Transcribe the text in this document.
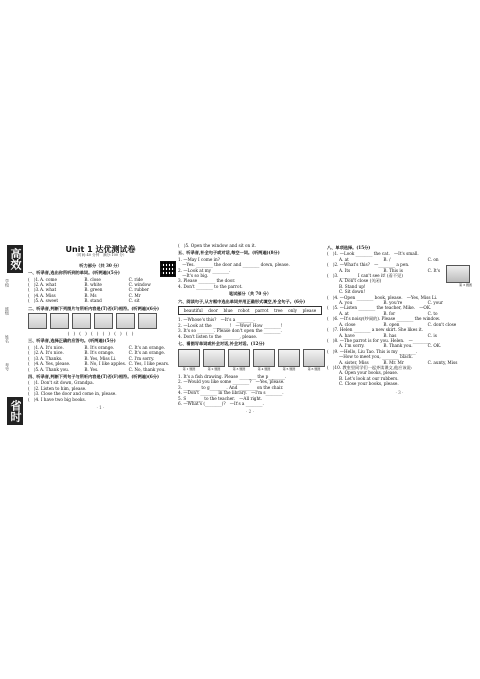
高效
学校
班级
姓名
考号
省时
Unit 1 达优测试卷
（时间:40 分钟　满分:100 分）
听力部分（共 30 分）
一、听录音,选出你所听到的单词。(听两遍)(5分)
(　)1. A. come	B. close	C. ride
(　)2. A. what	B. white	C. window
(　)3. A. what	B. green	C. rubber
(　)4. A. Miss	B. Ms	C. Mr
(　)5. A. sweet	B. stand	C. sit
二、听录音,判断下列图片与所听内容是(T)否(F)相符。(听两遍)(6分)
(　)　(　)　(　)　(　)　(　)　(　)
三、听录音,选择正确的应答句。(听两遍)(5分)
(　)1. A. It's nice.	B. It's orange.	C. It's an orange.
(　)2. A. It's nice.	B. It's orange.	C. It's an orange.
(　)3. A. Thanks.	B. Yes, Miss Li.	C. I'm sorry.
(　)4. A. Yes, please.	B. No, I like apples. C. Yes, I like pears.
(　)5. A. Thank you.	B. Yes.	C. No, thank you.
四、听录音,判断下列句子与所听内容是(T)否(F)相符。(听两遍)(6分)
(　)1. Don't sit down, Grandpa.
(　)2. Listen to him, please.
(　)3. Close the door and come in, please.
(　)4. I have two big books.
· 1 ·
(　)5. Open the window and sit on it.
五、听录音,补全句子或对话,每空一词。(听两遍)(8分)
1. —May I come in?
　—Yes. ________ the door and ________ down, please.
2. —Look at my ________.
　—It's so big.
3. Please ________ the door.
4. Don't ________ to the parrot.
笔试部分（共 70 分）
六、阅读句子,从方框中选出单词并用正确形式填空,补全句子。(6分)
beautiful door blue robot parrot tree only please
1. —Whose's this?　—It's a ________.
2. —Look at the ________!　—Wow! How ________!
3. It's so ________. Please don't open the ________.
4. Don't listen to the ________, please.
七、看图写单词或补全对话,补全对话。(12分)
第 1 题图	第 2 题图	第 3 题图	第 4 题图	第 5 题图	第 6 题图
1. It's a fish drawing. Please ________ the p________.
2. —Would you like some ________?　—Yes, please.
3. ________ to g________. And ________ on the chair.
4. —Don't ________ in the library.　—I'm s________.
5. S________ to the teacher.　—All right.
6. —What's (________)?　—It's a ________.
· 2 ·
八、单项选择。(15分)
(　)1. —Look ________ the cat.　—It's small.
A. at	B. /	C. on
(　)2. —What's this?　—________ a pen.
A. Its	B. This is	C. It's
(　)3. ________ I can't see it! (看不见)
A. Don't close (关闭)
B. Stand up!
C. Sit down!
第 3 题图
(　)4. —Open ________ book, please.　—Yes, Miss Li.
A. you	B. you're	C. your
(　)5. —Listen ________ the teacher, Mike.　—OK.
A. at	B. for	C. to
(　)6. —It's noisy(吵闹的). Please ________ the window.
A. close	B. open	C. don't close
(　)7. Helen ________ a new skirt. She likes it.
A. have	B. has	C. is
(　)8. —The parrot is for you. Helen.　—________
A. I'm sorry.	B. Thank you.	C. OK.
(　)9. —Hello, Liu Tao. This is my ________.
—How to meet you, ________ black.
A. sister, Miss	B. Mr. Mr	C. aunty, Miss
(　)10. 教室里同学们一起齐读课文,他应该说:
A. Open your books, please.
B. Let's look at our rubbers.
C. Close your books, please.
· 3 ·
